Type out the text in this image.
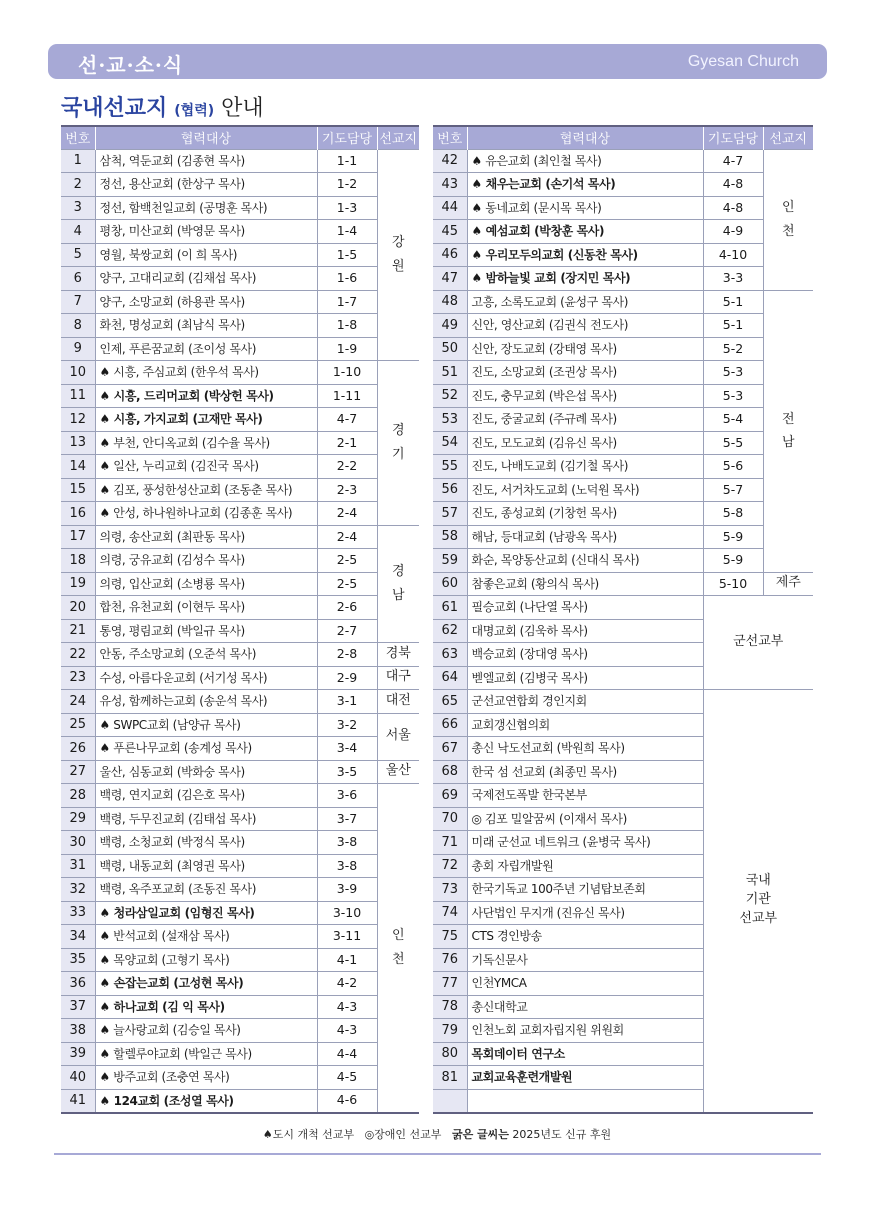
선·교·소·식	Gyesan Church
국내선교지 (협력) 안내
번호	협력대상	기도담당	선교지
1	삼척, 역둔교회 (김종현 목사)	1-1	강
원
2	정선, 용산교회 (한상구 목사)	1-2	
3	정선, 함백천일교회 (공명훈 목사)	1-3	
4	평창, 미산교회 (박영문 목사)	1-4	
5	영월, 북쌍교회 (이 희 목사)	1-5	
6	양구, 고대리교회 (김채섭 목사)	1-6	
7	양구, 소망교회 (하용관 목사)	1-7	
8	화천, 명성교회 (최남식 목사)	1-8	
9	인제, 푸른꿈교회 (조이성 목사)	1-9	
10	♠ 시흥, 주심교회 (한우석 목사)	1-10	경
기
11	♠ 시흥, 드리머교회 (박상헌 목사)	1-11	
12	♠ 시흥, 가지교회 (고재만 목사)	4-7	
13	♠ 부천, 안디옥교회 (김수율 목사)	2-1	
14	♠ 일산, 누리교회 (김진국 목사)	2-2	
15	♠ 김포, 풍성한성산교회 (조동춘 목사)	2-3	
16	♠ 안성, 하나원하나교회 (김종훈 목사)	2-4	
17	의령, 송산교회 (최판동 목사)	2-4	경
남
18	의령, 궁유교회 (김성수 목사)	2-5	
19	의령, 입산교회 (소병룡 목사)	2-5	
20	합천, 유천교회 (이현두 목사)	2-6	
21	통영, 평림교회 (박일규 목사)	2-7	
22	안동, 주소망교회 (오준석 목사)	2-8	경북
23	수성, 아름다운교회 (서기성 목사)	2-9	대구
24	유성, 함께하는교회 (송운석 목사)	3-1	대전
25	♠ SWPC교회 (남양규 목사)	3-2	서울
26	♠ 푸른나무교회 (송계성 목사)	3-4	
27	울산, 심동교회 (박화숭 목사)	3-5	울산
28	백령, 연지교회 (김은호 목사)	3-6	인
천
29	백령, 두무진교회 (김태섭 목사)	3-7	
30	백령, 소청교회 (박정식 목사)	3-8	
31	백령, 내동교회 (최영권 목사)	3-8	
32	백령, 옥주포교회 (조동진 목사)	3-9	
33	♠ 청라삼일교회 (임형진 목사)	3-10	
34	♠ 반석교회 (설재삼 목사)	3-11	
35	♠ 목양교회 (고형기 목사)	4-1	
36	♠ 손잡는교회 (고성현 목사)	4-2	
37	♠ 하나교회 (김 익 목사)	4-3	
38	♠ 늘사랑교회 (김승일 목사)	4-3	
39	♠ 할렐루야교회 (박일근 목사)	4-4	
40	♠ 방주교회 (조충연 목사)	4-5	
41	♠ 124교회 (조성열 목사)	4-6	
번호	협력대상	기도담당	선교지
42	♠ 유은교회 (최인철 목사)	4-7	인
천
43	♠ 채우는교회 (손기석 목사)	4-8	
44	♠ 동네교회 (문시목 목사)	4-8	
45	♠ 예섬교회 (박창훈 목사)	4-9	
46	♠ 우리모두의교회 (신동찬 목사)	4-10	
47	♠ 밤하늘빛 교회 (장지민 목사)	3-3	
48	고흥, 소록도교회 (윤성구 목사)	5-1	전
남
49	신안, 영산교회 (김권식 전도사)	5-1	
50	신안, 장도교회 (강태영 목사)	5-2	
51	진도, 소망교회 (조권상 목사)	5-3	
52	진도, 충무교회 (박은섭 목사)	5-3	
53	진도, 중굴교회 (주규례 목사)	5-4	
54	진도, 모도교회 (김유신 목사)	5-5	
55	진도, 나배도교회 (김기철 목사)	5-6	
56	진도, 서거차도교회 (노덕원 목사)	5-7	
57	진도, 종성교회 (기창헌 목사)	5-8	
58	해남, 등대교회 (남광옥 목사)	5-9	
59	화순, 목양동산교회 (신대식 목사)	5-9	
60	참좋은교회 (황의식 목사)	5-10	제주
61	필승교회 (나단열 목사)	군선교부	
62	대명교회 (김욱하 목사)		
63	백승교회 (장대영 목사)		
64	벧엘교회 (김병국 목사)		
65	군선교연합회 경인지회	국내
기관
선교부	
66	교회갱신협의회		
67	총신 낙도선교회 (박원희 목사)		
68	한국 섬 선교회 (최종민 목사)		
69	국제전도폭발 한국본부		
70	◎ 김포 밀알꿈씨 (이재서 목사)		
71	미래 군선교 네트워크 (윤병국 목사)		
72	총회 자립개발원		
73	한국기독교 100주년 기념탑보존회		
74	사단법인 무지개 (진유신 목사)		
75	CTS 경인방송		
76	기독신문사		
77	인천YMCA		
78	총신대학교		
79	인천노회 교회자립지원 위원회		
80	목회데이터 연구소		
81	교회교육훈련개발원		

♠도시 개척 선교부 ◎장애인 선교부 굵은 글씨는 2025년도 신규 후원
